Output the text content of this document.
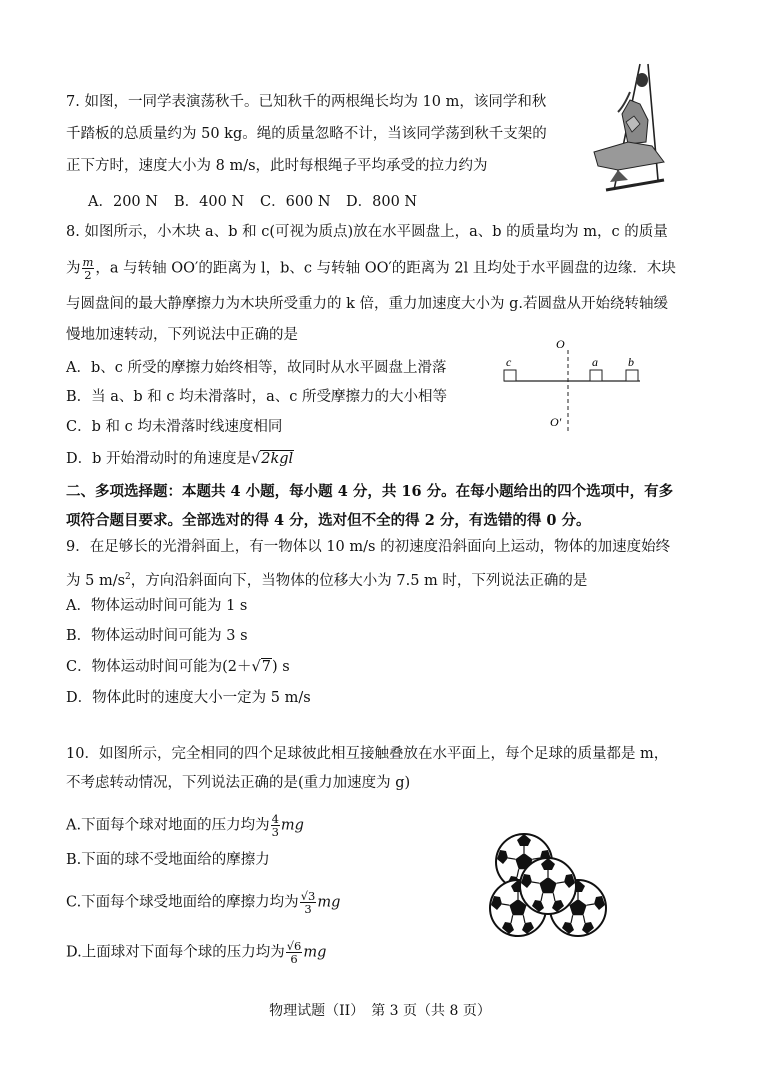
7. 如图，一同学表演荡秋千。已知秋千的两根绳长均为 10 m，该同学和秋
千踏板的总质量约为 50 kg。绳的质量忽略不计，当该同学荡到秋千支架的
正下方时，速度大小为 8 m/s，此时每根绳子平均承受的拉力约为
A．200 N B．400 N C．600 N D．800 N
8. 如图所示，小木块 a、b 和 c(可视为质点)放在水平圆盘上，a、b 的质量均为 m，c 的质量
为 $\frac{m}{2}$ ，a 与转轴 OO′的距离为 l，b、c 与转轴 OO′的距离为 2l 且均处于水平圆盘的边缘．木块
与圆盘间的最大静摩擦力为木块所受重力的 k 倍，重力加速度大小为 g.若圆盘从开始绕转轴缓
慢地加速转动，下列说法中正确的是
A．b、c 所受的摩擦力始终相等，故同时从水平圆盘上滑落
B．当 a、b 和 c 均未滑落时，a、c 所受摩擦力的大小相等
C．b 和 c 均未滑落时线速度相同
D．b 开始滑动时的角速度是√2kgl
O
O′
c	a	b
二、多项选择题：本题共 4 小题，每小题 4 分，共 16 分。在每小题给出的四个选项中，有多
项符合题目要求。全部选对的得 4 分，选对但不全的得 2 分，有选错的得 0 分。
9．在足够长的光滑斜面上，有一物体以 10 m/s 的初速度沿斜面向上运动，物体的加速度始终
为 5 $m/s^2$，方向沿斜面向下，当物体的位移大小为 7.5 m 时，下列说法正确的是
A．物体运动时间可能为 1 s
B．物体运动时间可能为 3 s
C．物体运动时间可能为(2＋√7) s
D．物体此时的速度大小一定为 5 m/s
10．如图所示，完全相同的四个足球彼此相互接触叠放在水平面上，每个足球的质量都是 m，
不考虑转动情况，下列说法正确的是(重力加速度为 g)
A.下面每个球对地面的压力均为 $\frac{4}{3}$ mg
B.下面的球不受地面给的摩擦力
C.下面每个球受地面给的摩擦力均为 $\frac{√3}{3}$ mg
D.上面球对下面每个球的压力均为 $\frac{√6}{6}$ mg
物理试题（II）　第 3 页（共 8 页）
